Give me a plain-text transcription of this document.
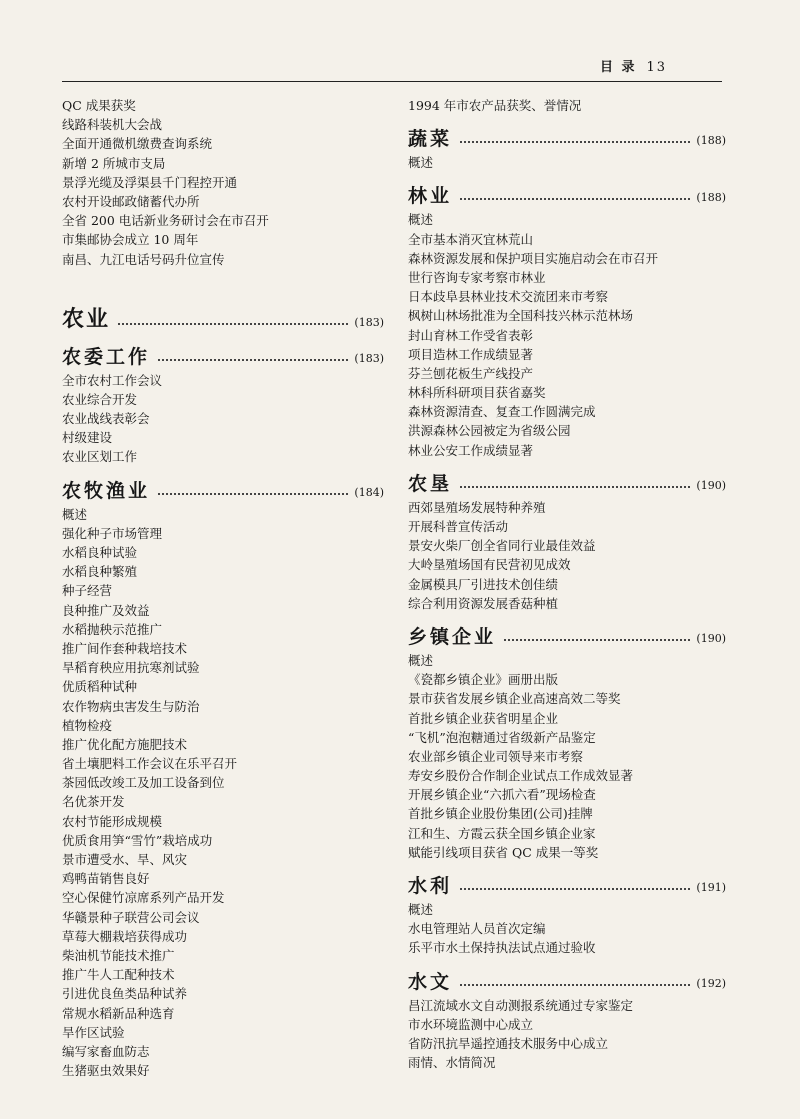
目 录 13
QC 成果获奖
线路科装机大会战
全面开通微机缴费查询系统
新增 2 所城市支局
景浮光缆及浮渠县千门程控开通
农村开设邮政储蓄代办所
全省 200 电话新业务研讨会在市召开
市集邮协会成立 10 周年
南昌、九江电话号码升位宣传
农业	(183)
农委工作	(183)
全市农村工作会议
农业综合开发
农业战线表彰会
村级建设
农业区划工作
农牧渔业	(184)
概述
强化种子市场管理
水稻良种试验
水稻良种繁殖
种子经营
良种推广及效益
水稻抛秧示范推广
推广间作套种栽培技术
旱稻育秧应用抗寒剂试验
优质稻种试种
农作物病虫害发生与防治
植物检疫
推广优化配方施肥技术
省土壤肥料工作会议在乐平召开
茶园低改竣工及加工设备到位
名优茶开发
农村节能形成规模
优质食用笋“雪竹”栽培成功
景市遭受水、旱、风灾
鸡鸭苗销售良好
空心保健竹凉席系列产品开发
华赣景种子联营公司会议
草莓大棚栽培获得成功
柴油机节能技术推广
推广牛人工配种技术
引进优良鱼类品种试养
常规水稻新品种选育
旱作区试验
编写家畜血防志
生猪驱虫效果好
1994 年市农产品获奖、誉情况
蔬菜	(188)
概述
林业	(188)
概述
全市基本消灭宜林荒山
森林资源发展和保护项目实施启动会在市召开
世行咨询专家考察市林业
日本歧阜县林业技术交流团来市考察
枫树山林场批准为全国科技兴林示范林场
封山育林工作受省表彰
项目造林工作成绩显著
芬兰刨花板生产线投产
林科所科研项目获省嘉奖
森林资源清查、复查工作圆满完成
洪源森林公园被定为省级公园
林业公安工作成绩显著
农垦	(190)
西郊垦殖场发展特种养殖
开展科普宣传活动
景安火柴厂创全省同行业最佳效益
大岭垦殖场国有民营初见成效
金属模具厂引进技术创佳绩
综合利用资源发展香菇种植
乡镇企业	(190)
概述
《瓷都乡镇企业》画册出版
景市获省发展乡镇企业高速高效二等奖
首批乡镇企业获省明星企业
“飞机”泡泡糖通过省级新产品鉴定
农业部乡镇企业司领导来市考察
寿安乡股份合作制企业试点工作成效显著
开展乡镇企业“六抓六看”现场检查
首批乡镇企业股份集团(公司)挂牌
江和生、方霞云获全国乡镇企业家
赋能引线项目获省 QC 成果一等奖
水利	(191)
概述
水电管理站人员首次定编
乐平市水土保持执法试点通过验收
水文	(192)
昌江流域水文自动测报系统通过专家鉴定
市水环境监测中心成立
省防汛抗旱遥控通技术服务中心成立
雨情、水情简况
